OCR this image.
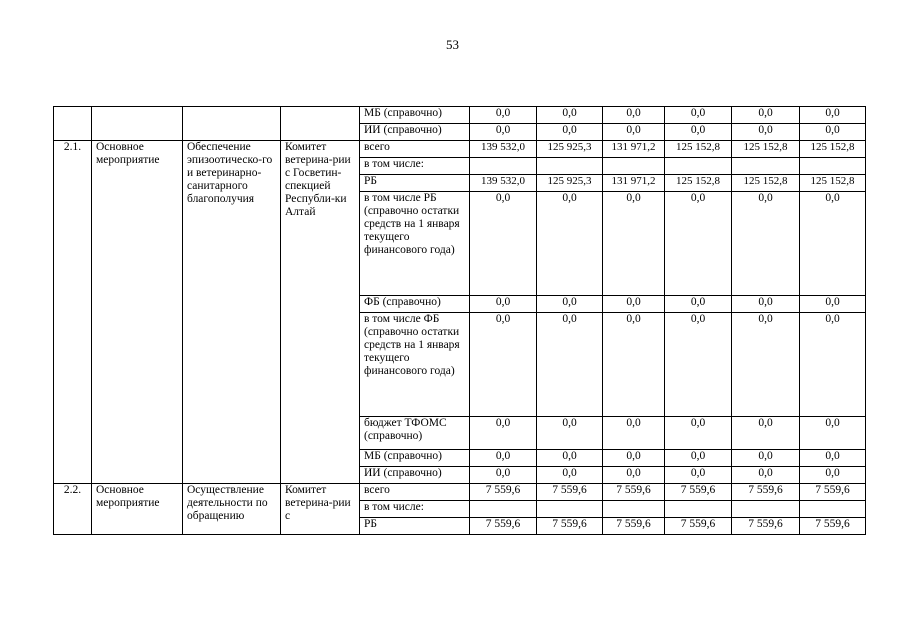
53
				МБ (справочно)	0,0	0,0	0,0	0,0	0,0	0,0
				ИИ (справочно)	0,0	0,0	0,0	0,0	0,0	0,0
2.1.	Основное мероприятие	Обеспечение эпизоотическо-го и ветеринарно-санитарного благополучия	Комитет ветерина-рии с Госветин-спекцией Республи-ки Алтай	всего	139 532,0	125 925,3	131 971,2	125 152,8	125 152,8	125 152,8
				в том числе:						
				РБ	139 532,0	125 925,3	131 971,2	125 152,8	125 152,8	125 152,8
				в том числе РБ (справочно остатки средств на 1 января текущего финансового года)	0,0	0,0	0,0	0,0	0,0	0,0
				ФБ (справочно)	0,0	0,0	0,0	0,0	0,0	0,0
				в том числе ФБ (справочно остатки средств на 1 января текущего финансового года)	0,0	0,0	0,0	0,0	0,0	0,0
				бюджет ТФОМС (справочно)	0,0	0,0	0,0	0,0	0,0	0,0
				МБ (справочно)	0,0	0,0	0,0	0,0	0,0	0,0
				ИИ (справочно)	0,0	0,0	0,0	0,0	0,0	0,0
2.2.	Основное мероприятие	Осуществление деятельности по обращению	Комитет ветерина-рии с	всего	7 559,6	7 559,6	7 559,6	7 559,6	7 559,6	7 559,6
				в том числе:						
				РБ	7 559,6	7 559,6	7 559,6	7 559,6	7 559,6	7 559,6
